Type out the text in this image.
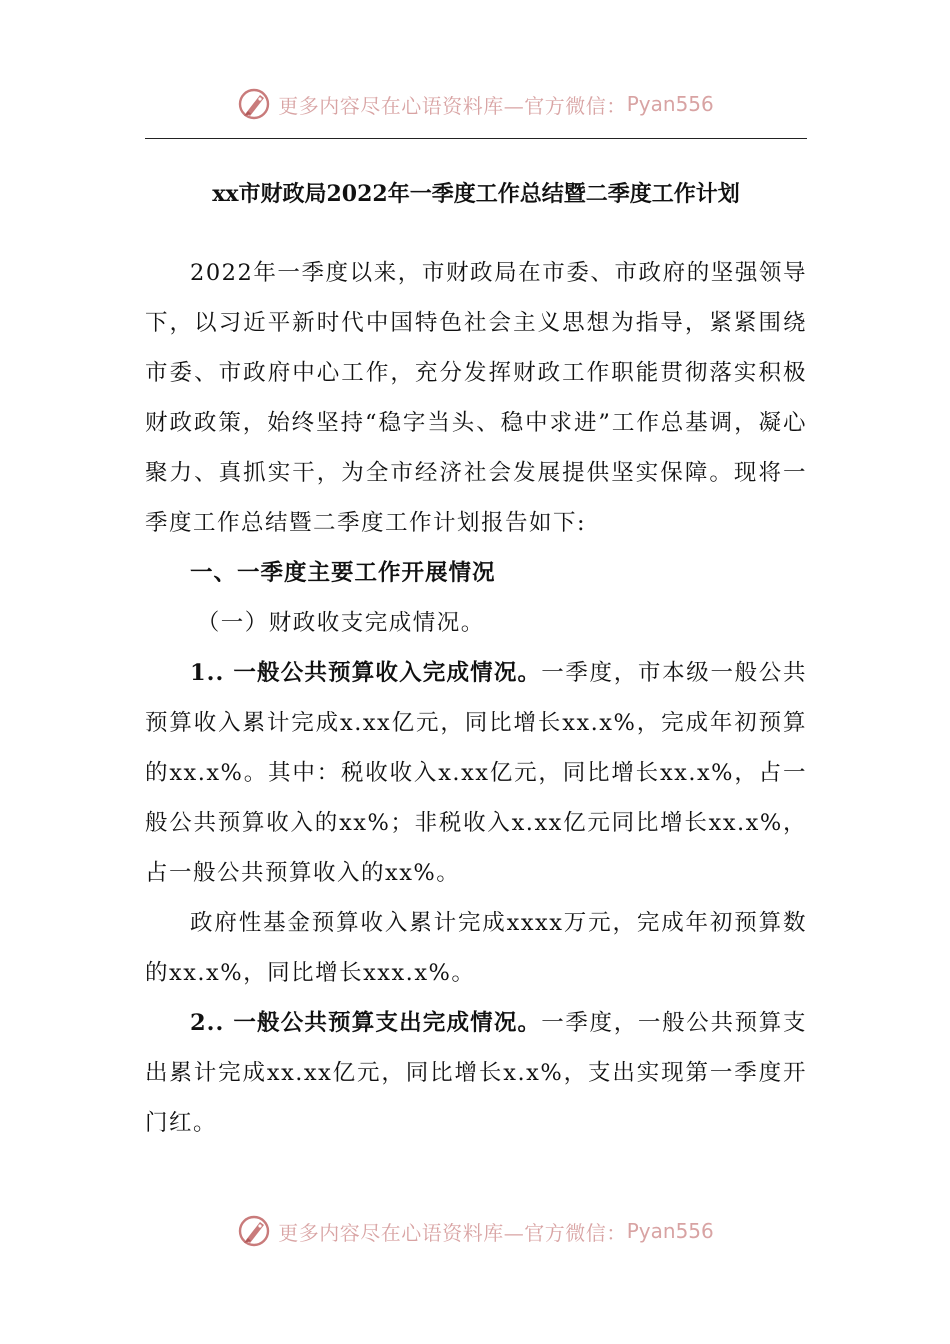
更多内容尽在心语资料库—官方微信： Pyan556
xx市财政局2022年一季度工作总结暨二季度工作计划

2022年一季度以来，市财政局在市委、市政府的坚强领导下，以习近平新时代中国特色社会主义思想为指导，紧紧围绕市委、市政府中心工作，充分发挥财政工作职能贯彻落实积极财政政策，始终坚持“稳字当头、稳中求进”工作总基调，凝心聚力、真抓实干，为全市经济社会发展提供坚实保障。现将一季度工作总结暨二季度工作计划报告如下:

一、一季度主要工作开展情况

（一）财政收支完成情况。

1.. 一般公共预算收入完成情况。一季度，市本级一般公共预算收入累计完成x.xx亿元，同比增长xx.x%，完成年初预算的xx.x%。其中：税收收入x.xx亿元，同比增长xx.x%，占一般公共预算收入的xx%；非税收入x.xx亿元同比增长xx.x%，占一般公共预算收入的xx%。

政府性基金预算收入累计完成xxxx万元，完成年初预算数的xx.x%，同比增长xxx.x%。

2.. 一般公共预算支出完成情况。一季度，一般公共预算支出累计完成xx.xx亿元，同比增长x.x%，支出实现第一季度开门红。

更多内容尽在心语资料库—官方微信： Pyan556
